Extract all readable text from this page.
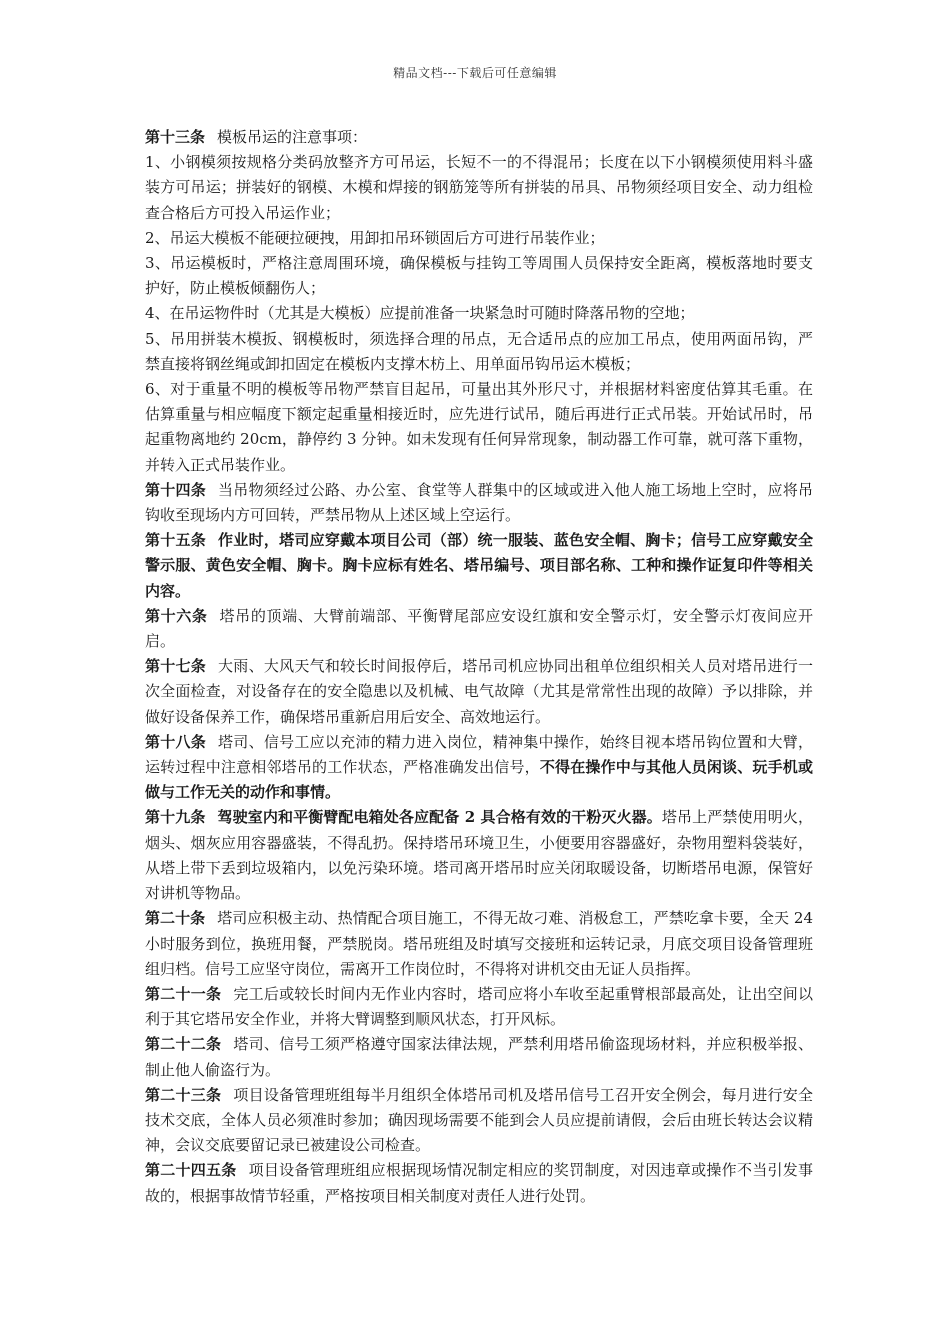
精品文档---下载后可任意编辑

第十三条 模板吊运的注意事项：

1、小钢模须按规格分类码放整齐方可吊运，长短不一的不得混吊；长度在以下小钢模须使用料斗盛装方可吊运；拼装好的钢模、木模和焊接的钢筋笼等所有拼装的吊具、吊物须经项目安全、动力组检查合格后方可投入吊运作业；

2、吊运大模板不能硬拉硬拽，用卸扣吊环锁固后方可进行吊装作业；

3、吊运模板时，严格注意周围环境，确保模板与挂钩工等周围人员保持安全距离，模板落地时要支护好，防止模板倾翻伤人；

4、在吊运物件时（尤其是大模板）应提前准备一块紧急时可随时降落吊物的空地；

5、吊用拼装木模扳、钢模板时，须选择合理的吊点，无合适吊点的应加工吊点，使用两面吊钩，严禁直接将钢丝绳或卸扣固定在模板内支撑木枋上、用单面吊钩吊运木模板；

6、对于重量不明的模板等吊物严禁盲目起吊，可量出其外形尺寸，并根据材料密度估算其毛重。在估算重量与相应幅度下额定起重量相接近时，应先进行试吊，随后再进行正式吊装。开始试吊时，吊起重物离地约 20cm，静停约 3 分钟。如未发现有任何异常现象，制动器工作可靠，就可落下重物，并转入正式吊装作业。

第十四条 当吊物须经过公路、办公室、食堂等人群集中的区域或进入他人施工场地上空时，应将吊钩收至现场内方可回转，严禁吊物从上述区域上空运行。

第十五条 作业时，塔司应穿戴本项目公司（部）统一服装、蓝色安全帽、胸卡；信号工应穿戴安全警示服、黄色安全帽、胸卡。胸卡应标有姓名、塔吊编号、项目部名称、工种和操作证复印件等相关内容。

第十六条 塔吊的顶端、大臂前端部、平衡臂尾部应安设红旗和安全警示灯，安全警示灯夜间应开启。

第十七条 大雨、大风天气和较长时间报停后，塔吊司机应协同出租单位组织相关人员对塔吊进行一次全面检查，对设备存在的安全隐患以及机械、电气故障（尤其是常常性出现的故障）予以排除，并做好设备保养工作，确保塔吊重新启用后安全、高效地运行。

第十八条 塔司、信号工应以充沛的精力进入岗位，精神集中操作，始终目视本塔吊钩位置和大臂，运转过程中注意相邻塔吊的工作状态，严格准确发出信号，不得在操作中与其他人员闲谈、玩手机或做与工作无关的动作和事情。

第十九条 驾驶室内和平衡臂配电箱处各应配备 2 具合格有效的干粉灭火器。塔吊上严禁使用明火，烟头、烟灰应用容器盛装，不得乱扔。保持塔吊环境卫生，小便要用容器盛好，杂物用塑料袋装好，从塔上带下丢到垃圾箱内，以免污染环境。塔司离开塔吊时应关闭取暖设备，切断塔吊电源，保管好对讲机等物品。

第二十条 塔司应积极主动、热情配合项目施工，不得无故刁难、消极怠工，严禁吃拿卡要，全天 24 小时服务到位，换班用餐，严禁脱岗。塔吊班组及时填写交接班和运转记录，月底交项目设备管理班组归档。信号工应坚守岗位，需离开工作岗位时，不得将对讲机交由无证人员指挥。

第二十一条 完工后或较长时间内无作业内容时，塔司应将小车收至起重臂根部最高处，让出空间以利于其它塔吊安全作业，并将大臂调整到顺风状态，打开风标。

第二十二条 塔司、信号工须严格遵守国家法律法规，严禁利用塔吊偷盗现场材料，并应积极举报、制止他人偷盗行为。

第二十三条 项目设备管理班组每半月组织全体塔吊司机及塔吊信号工召开安全例会，每月进行安全技术交底，全体人员必须准时参加；确因现场需要不能到会人员应提前请假，会后由班长转达会议精神，会议交底要留记录已被建设公司检查。

第二十四五条 项目设备管理班组应根据现场情况制定相应的奖罚制度，对因违章或操作不当引发事故的，根据事故情节轻重，严格按项目相关制度对责任人进行处罚。
